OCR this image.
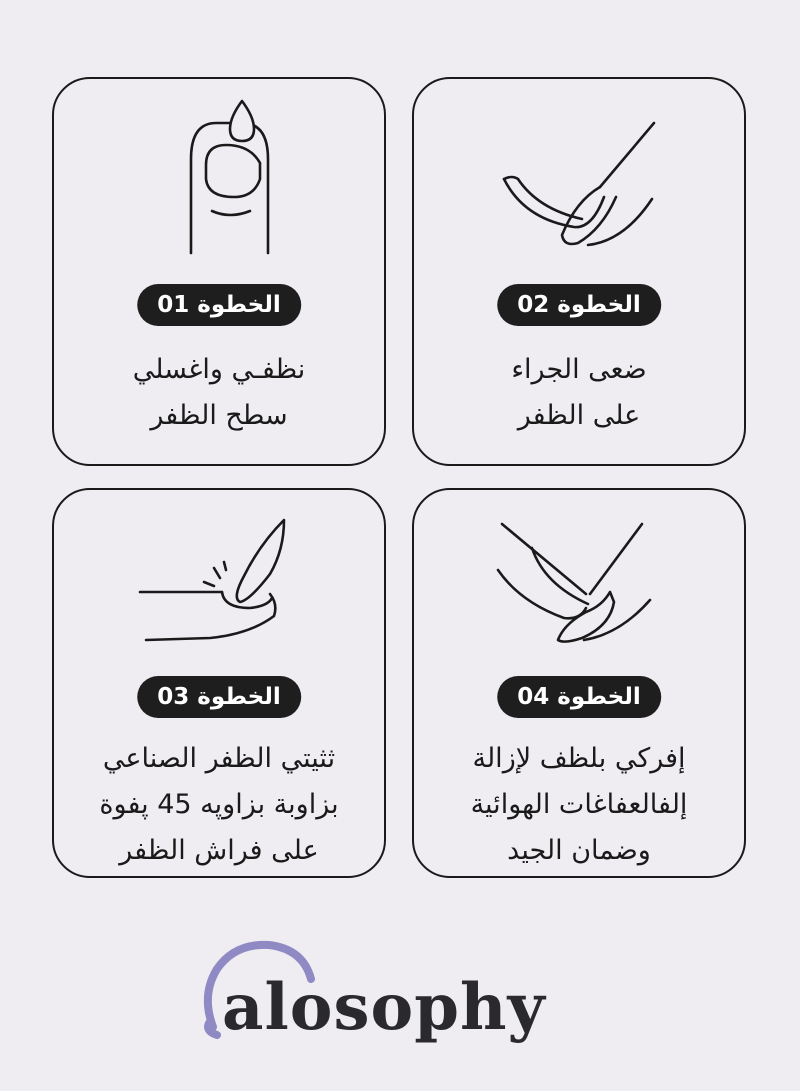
الخطوة 01
نظفـي واغسلي
سطح الظفر
الخطوة 02
ضعى الجراء
على الظفر
الخطوة 03
ثثيتي الظفر الصناعي
بزاوبة بزاوپه 45 پفوة
على فراش الظفر
الخطوة 04
إفركي بلظف لإزالة
إلفالعفاغات الهوائية
وضمان الجيد
alosophy
